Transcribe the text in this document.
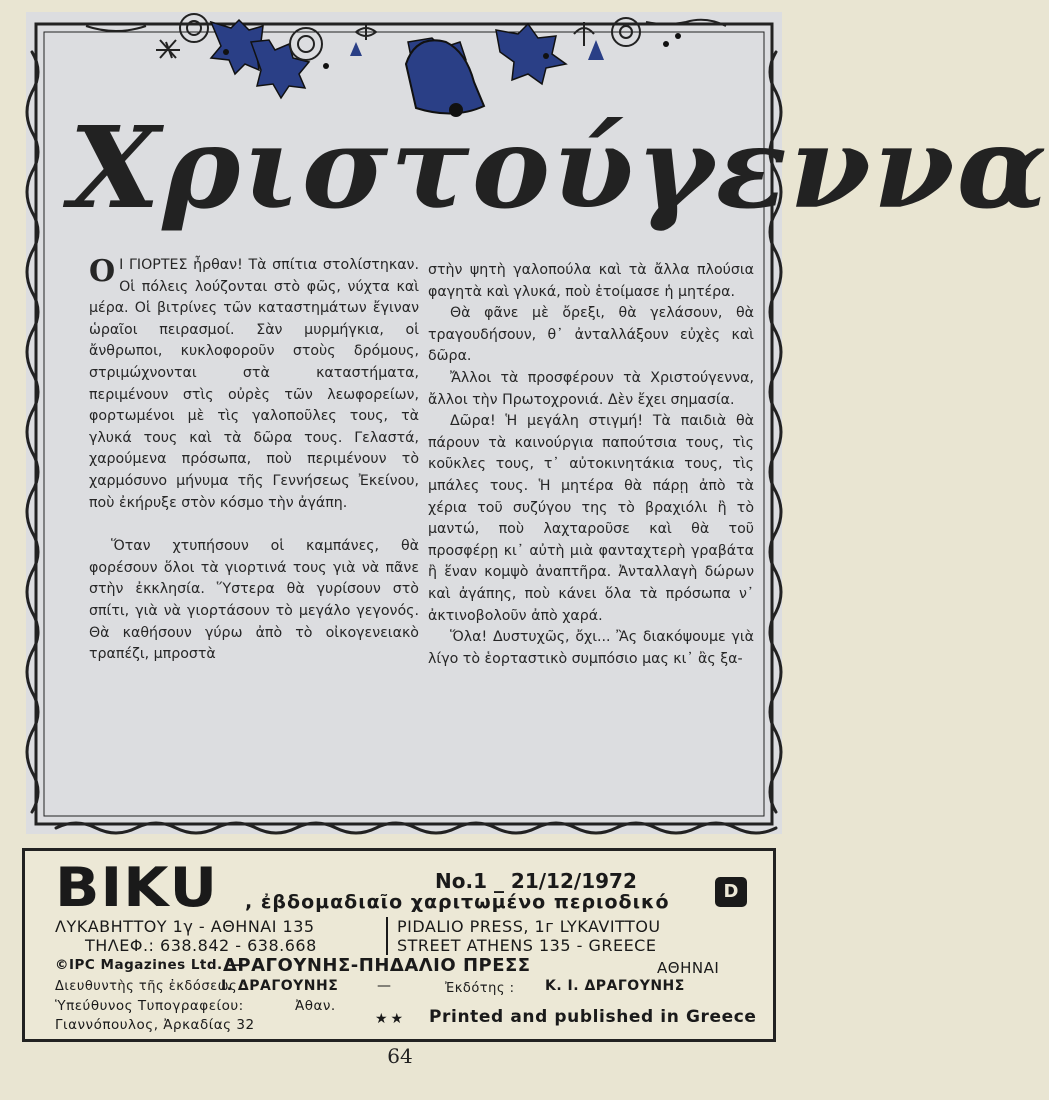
Χριστούγεννα

Ο Ι ΓΙΟΡΤΕΣ ἦρθαν! Τὰ σπίτια στολίστηκαν. Οἱ πόλεις λούζονται στὸ φῶς, νύχτα καὶ μέρα. Οἱ βιτρίνες τῶν καταστημάτων ἔγιναν ὡραῖοι πειρασμοί. Σὰν μυρμήγκια, οἱ ἄνθρωποι, κυκλοφοροῦν στοὺς δρόμους, στριμώχνονται στὰ καταστήματα, περιμένουν στὶς οὐρὲς τῶν λεωφορείων, φορτωμένοι μὲ τὶς γαλοποῦλες τους, τὰ γλυκά τους καὶ τὰ δῶρα τους. Γελαστά, χαρούμενα πρόσωπα, ποὺ περιμένουν τὸ χαρμόσυνο μήνυμα τῆς Γεννήσεως Ἐκείνου, ποὺ ἐκήρυξε στὸν κόσμο τὴν ἀγάπη.

Ὅταν χτυπήσουν οἱ καμπάνες, θὰ φορέσουν ὅλοι τὰ γιορτινά τους γιὰ νὰ πᾶνε στὴν ἐκκλησία. Ὕστερα θὰ γυρίσουν στὸ σπίτι, γιὰ νὰ γιορτάσουν τὸ μεγάλο γεγονός. Θὰ καθήσουν γύρω ἀπὸ τὸ οἰκογενειακὸ τραπέζι, μπροστὰ

στὴν ψητὴ γαλοπούλα καὶ τὰ ἄλλα πλούσια φαγητὰ καὶ γλυκά, ποὺ ἑτοίμασε ἡ μητέρα.

Θὰ φᾶνε μὲ ὄρεξι, θὰ γελάσουν, θὰ τραγουδήσουν, θ᾽ ἀνταλλάξουν εὐχὲς καὶ δῶρα.

Ἄλλοι τὰ προσφέρουν τὰ Χριστούγεννα, ἄλλοι τὴν Πρωτοχρονιά. Δὲν ἔχει σημασία.

Δῶρα! Ἡ μεγάλη στιγμή! Τὰ παιδιὰ θὰ πάρουν τὰ καινούργια παπούτσια τους, τὶς κοῦκλες τους, τ᾽ αὐτοκινητάκια τους, τὶς μπάλες τους. Ἡ μητέρα θὰ πάρῃ ἀπὸ τὰ χέρια τοῦ συζύγου της τὸ βραχιόλι ἢ τὸ μαντώ, ποὺ λαχταροῦσε καὶ θὰ τοῦ προσφέρῃ κι᾽ αὐτὴ μιὰ φανταχτερὴ γραβάτα ἢ ἕναν κομψὸ ἀναπτῆρα. Ἀνταλλαγὴ δώρων καὶ ἀγάπης, ποὺ κάνει ὅλα τὰ πρόσωπα ν᾽ ἀκτινοβολοῦν ἀπὸ χαρά.

Ὅλα! Δυστυχῶς, ὄχι... Ἂς διακόψουμε γιὰ λίγο τὸ ἑορταστικὸ συμπόσιο μας κι᾽ ἂς ξα-

ΒΙΚU	No.1 _ 21/12/1972
, ἐβδομαδιαῖο χαριτωμένο περιοδικό	D
ΛΥΚΑΒΗΤΤΟΥ 1γ - ΑΘΗΝΑΙ 135
ΤΗΛΕΦ.: 638.842 - 638.668
PIDALIO PRESS, 1г LYKAVITTOU
STREET ATHENS 135 - GREECE
©IPC Magazines Ltd. —
ΔΡΑΓΟΥΝΗΣ-ΠΗΔΑΛΙΟ ΠΡΕΣΣ	ΑΘΗΝΑΙ
Διευθυντὴς τῆς ἐκδόσεως :
Ι. ΔΡΑΓΟΥΝΗΣ	—	Ἐκδότης : Κ. Ι. ΔΡΑΓΟΥΝΗΣ
Ὑπεύθυνος Τυπογραφείου:	Ἀθαν.
Γιαννόπουλος, Ἀρκαδίας 32	★★ Printed and published in Greece
64
